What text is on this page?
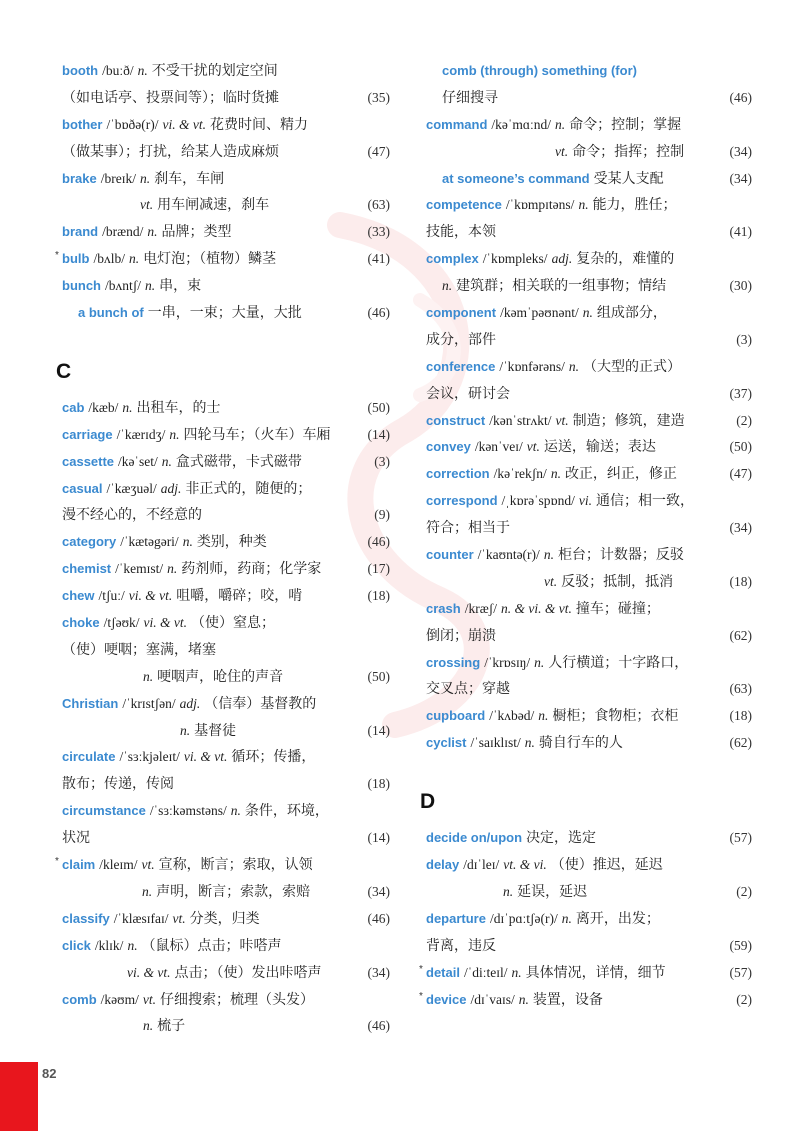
booth /buːð/ n. 不受干扰的划定空间
（如电话亭、投票间等）；临时货摊	(35)
bother /ˈbɒðə(r)/ vi. & vt. 花费时间、精力
（做某事）；打扰，给某人造成麻烦	(47)
brake /breɪk/ n. 刹车，车闸
vt. 用车闸减速，刹车	(63)
brand /brænd/ n. 品牌；类型	(33)
* bulb /bʌlb/ n. 电灯泡；（植物）鳞茎	(41)
bunch /bʌntʃ/ n. 串，束
a bunch of 一串，一束；大量，大批	(46)
C
cab /kæb/ n. 出租车，的士	(50)
carriage /ˈkærɪdʒ/ n. 四轮马车；（火车）车厢	(14)
cassette /kəˈset/ n. 盒式磁带，卡式磁带	(3)
casual /ˈkæʒuəl/ adj. 非正式的，随便的；
漫不经心的，不经意的	(9)
category /ˈkætəgəri/ n. 类别，种类	(46)
chemist /ˈkemɪst/ n. 药剂师，药商；化学家	(17)
chew /tʃuː/ vi. & vt. 咀嚼，嚼碎；咬，啃	(18)
choke /tʃəʊk/ vi. & vt. （使）窒息；
（使）哽咽；塞满，堵塞
n. 哽咽声，呛住的声音	(50)
Christian /ˈkrɪstʃən/ adj. （信奉）基督教的
n. 基督徒	(14)
circulate /ˈsɜːkjəleɪt/ vi. & vt. 循环；传播，
散布；传递，传阅	(18)
circumstance /ˈsɜːkəmstəns/ n. 条件，环境，
状况	(14)
* claim /kleɪm/ vt. 宣称，断言；索取，认领
n. 声明，断言；索款，索赔	(34)
classify /ˈklæsɪfaɪ/ vt. 分类，归类	(46)
click /klɪk/ n. （鼠标）点击；咔嗒声
vi. & vt. 点击；（使）发出咔嗒声	(34)
comb /kəʊm/ vt. 仔细搜索；梳理（头发）
n. 梳子	(46)
comb (through) something (for)
仔细搜寻	(46)
command /kəˈmɑːnd/ n. 命令；控制；掌握
vt. 命令；指挥；控制	(34)
at someone’s command 受某人支配	(34)
competence /ˈkɒmpɪtəns/ n. 能力，胜任；
技能，本领	(41)
complex /ˈkɒmpleks/ adj. 复杂的，难懂的
n. 建筑群；相关联的一组事物；情结	(30)
component /kəmˈpəʊnənt/ n. 组成部分，
成分，部件	(3)
conference /ˈkɒnfərəns/ n. （大型的正式）
会议，研讨会	(37)
construct /kənˈstrʌkt/ vt. 制造；修筑，建造	(2)
convey /kənˈveɪ/ vt. 运送，输送；表达	(50)
correction /kəˈrekʃn/ n. 改正，纠正，修正	(47)
correspond /ˌkɒrəˈspɒnd/ vi. 通信；相一致，
符合；相当于	(34)
counter /ˈkaʊntə(r)/ n. 柜台；计数器；反驳
vt. 反驳；抵制，抵消	(18)
crash /kræʃ/ n. & vi. & vt. 撞车；碰撞；
倒闭；崩溃	(62)
crossing /ˈkrɒsɪŋ/ n. 人行横道；十字路口，
交叉点；穿越	(63)
cupboard /ˈkʌbəd/ n. 橱柜；食物柜；衣柜	(18)
cyclist /ˈsaɪklɪst/ n. 骑自行车的人	(62)
D
decide on/upon 决定，选定	(57)
delay /dɪˈleɪ/ vt. & vi. （使）推迟，延迟
n. 延误，延迟	(2)
departure /dɪˈpɑːtʃə(r)/ n. 离开，出发；
背离，违反	(59)
* detail /ˈdiːteɪl/ n. 具体情况，详情，细节	(57)
* device /dɪˈvaɪs/ n. 装置，设备	(2)
82
